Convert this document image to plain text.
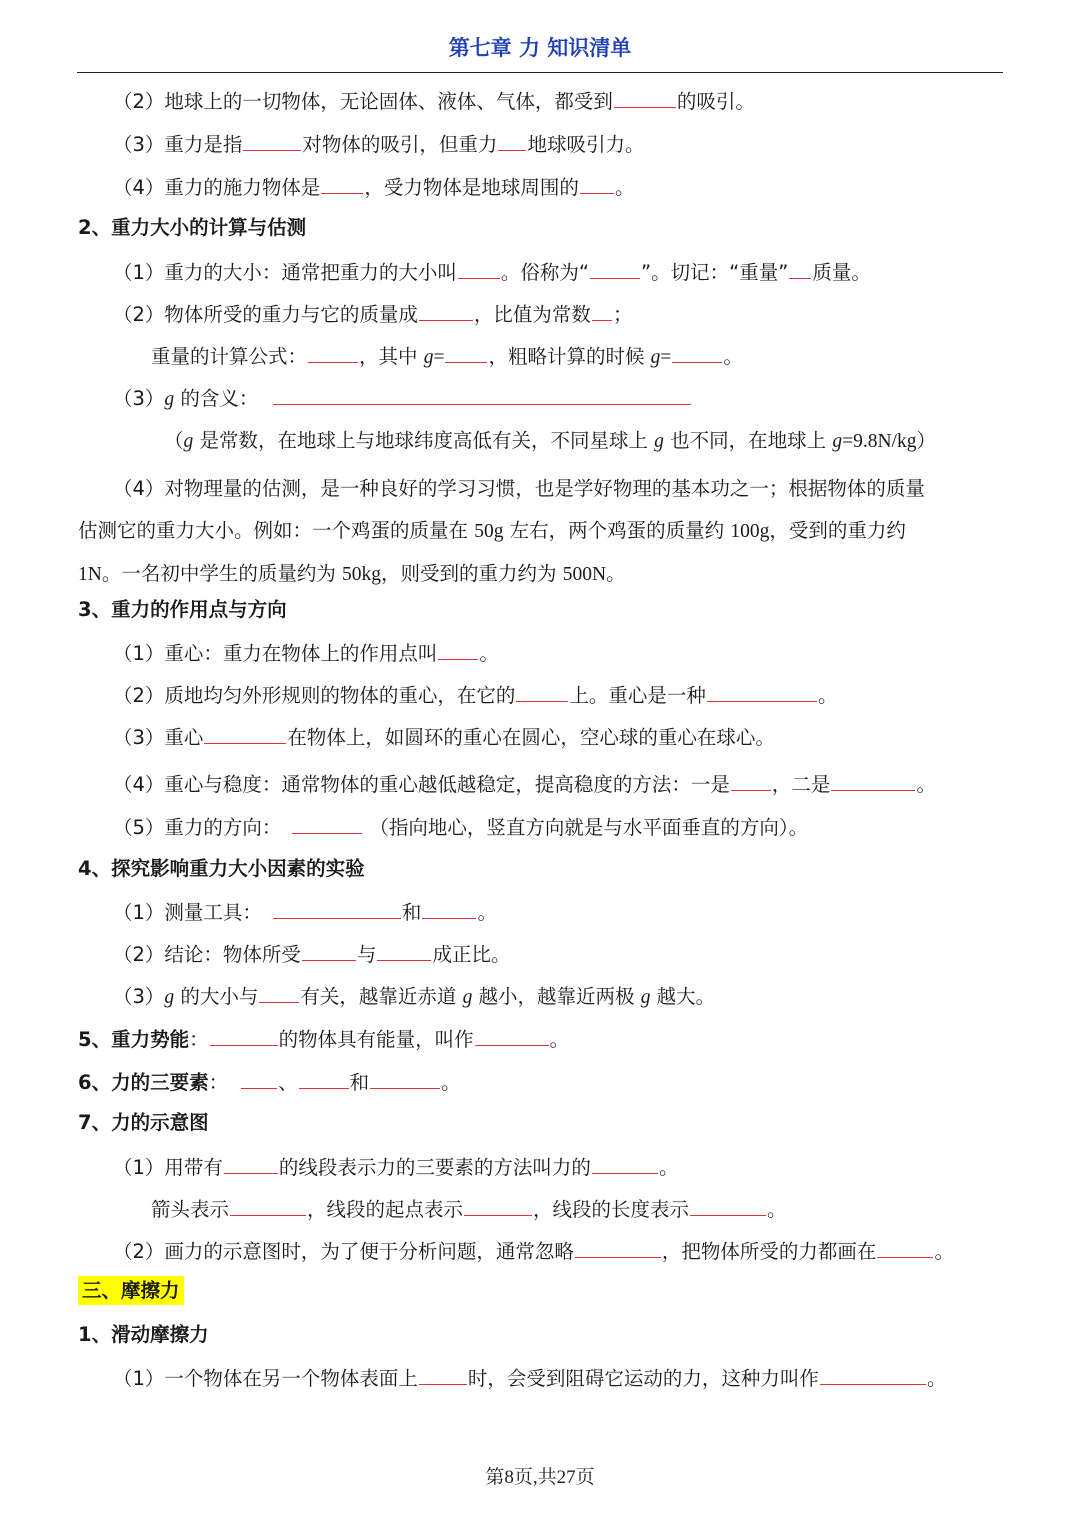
第七章 力 知识清单
（2）地球上的一切物体，无论固体、液体、气体，都受到	的吸引。
（3）重力是指	对物体的吸引，但重力 地球吸引力。
（4）重力的施力物体是 ，受力物体是地球周围的 。
2、重力大小的计算与估测
（1）重力的大小：通常把重力的大小叫 。俗称为“	”。切记：“重量” 质量。
（2）物体所受的重力与它的质量成	，比值为常数 ；
重量的计算公式：	，其中 g= ，粗略计算的时候 g=	。
（3）g 的含义：
（g 是常数，在地球上与地球纬度高低有关，不同星球上 g 也不同，在地球上 g=9.8N/kg）
（4）对物理量的估测，是一种良好的学习习惯，也是学好物理的基本功之一；根据物体的质量
估测它的重力大小。例如：一个鸡蛋的质量在 50g 左右，两个鸡蛋的质量约 100g，受到的重力约
1N。一名初中学生的质量约为 50kg，则受到的重力约为 500N。
3、重力的作用点与方向
（1）重心：重力在物体上的作用点叫 。
（2）质地均匀外形规则的物体的重心，在它的	上。重心是一种	。
（3）重心	在物体上，如圆环的重心在圆心，空心球的重心在球心。
（4）重心与稳度：通常物体的重心越低越稳定，提高稳度的方法：一是 ，二是	。
（5）重力的方向：	（指向地心，竖直方向就是与水平面垂直的方向）。
4、探究影响重力大小因素的实验
（1）测量工具：	和	。
（2）结论：物体所受	与	成正比。
（3）g 的大小与 有关，越靠近赤道 g 越小，越靠近两极 g 越大。
5、重力势能：	的物体具有能量，叫作	。
6、力的三要素：	、	和	。
7、力的示意图
（1）用带有	的线段表示力的三要素的方法叫力的	。
箭头表示	，线段的起点表示	，线段的长度表示	。
（2）画力的示意图时，为了便于分析问题，通常忽略	，把物体所受的力都画在	。
三、摩擦力
1、滑动摩擦力
（1）一个物体在另一个物体表面上	时，会受到阻碍它运动的力，这种力叫作	。
第8页,共27页
